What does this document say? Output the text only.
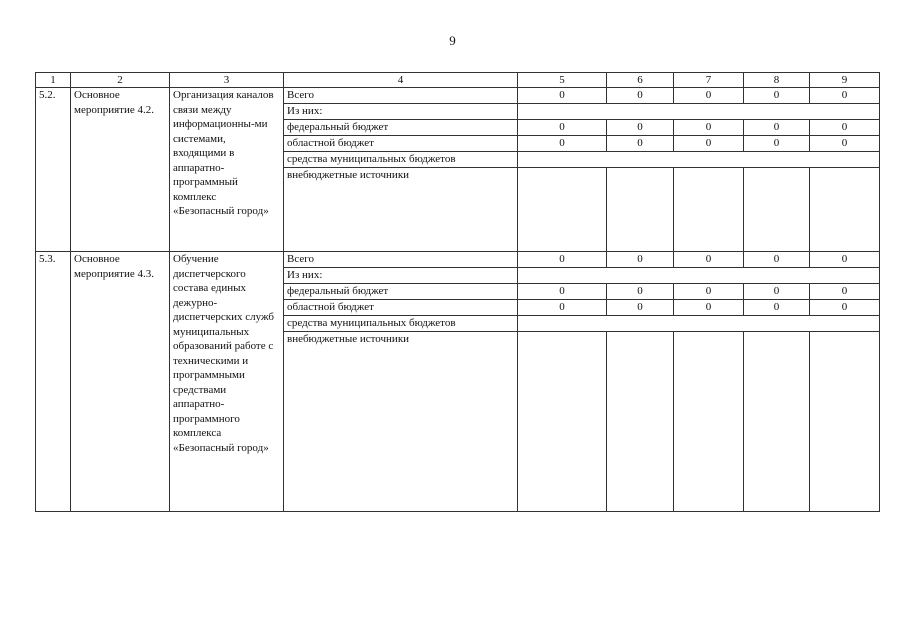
9
1	2	3	4	5	6	7	8	9
5.2.	Основное мероприятие 4.2.	Организация каналов связи между информационны-ми системами, входящими в аппаратно-программный комплекс «Безопасный город»	Всего	0	0	0	0	0
			Из них:					
			федеральный бюджет	0	0	0	0	0
			областной бюджет	0	0	0	0	0
			средства муниципальных бюджетов					
			внебюджетные источники					
5.3.	Основное мероприятие 4.3.	Обучение диспетчерского состава единых дежурно-диспетчерских служб муниципальных образований работе с техническими и программными средствами аппаратно-программного комплекса «Безопасный город»	Всего	0	0	0	0	0
			Из них:					
			федеральный бюджет	0	0	0	0	0
			областной бюджет	0	0	0	0	0
			средства муниципальных бюджетов					
			внебюджетные источники					
